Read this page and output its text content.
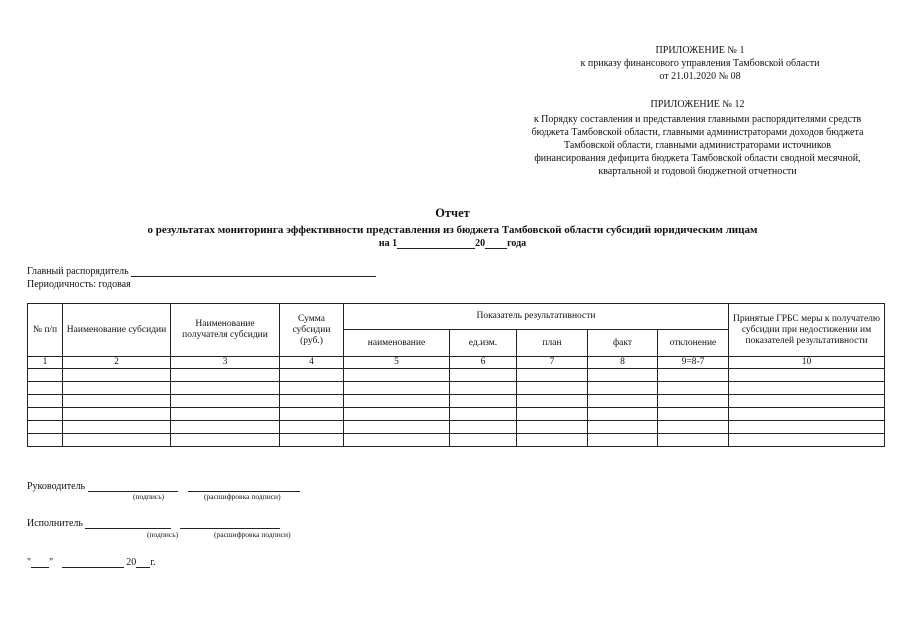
ПРИЛОЖЕНИЕ № 1
к приказу финансового управления Тамбовской области
от 21.01.2020 № 08
ПРИЛОЖЕНИЕ № 12
к Порядку составления и представления главными распорядителями средств
бюджета Тамбовской области, главными администраторами доходов бюджета
Тамбовской области, главными администраторами источников
финансирования дефицита бюджета Тамбовской области сводной месячной,
квартальной и годовой бюджетной отчетности
Отчет
о результатах мониторинга эффективности представления из бюджета Тамбовской области субсидий юридическим лицам
на 1	20 года
Главный распорядитель
Периодичность: годовая
№ п/п	Наименование субсидии	Наименование получателя субсидии	Сумма субсидии (руб.)	Показатель результативности					Принятые ГРБС меры к получателю субсидии при недостижении им показателей результативности
				наименование	ед.изм.	план	факт	отклонение	
1	2	3	4	5	6	7	8	9=8-7	10

Руководитель
(подпись)	(расшифровка подписи)
Исполнитель
(подпись)	(расшифровка подписи)
" "	20 г.
